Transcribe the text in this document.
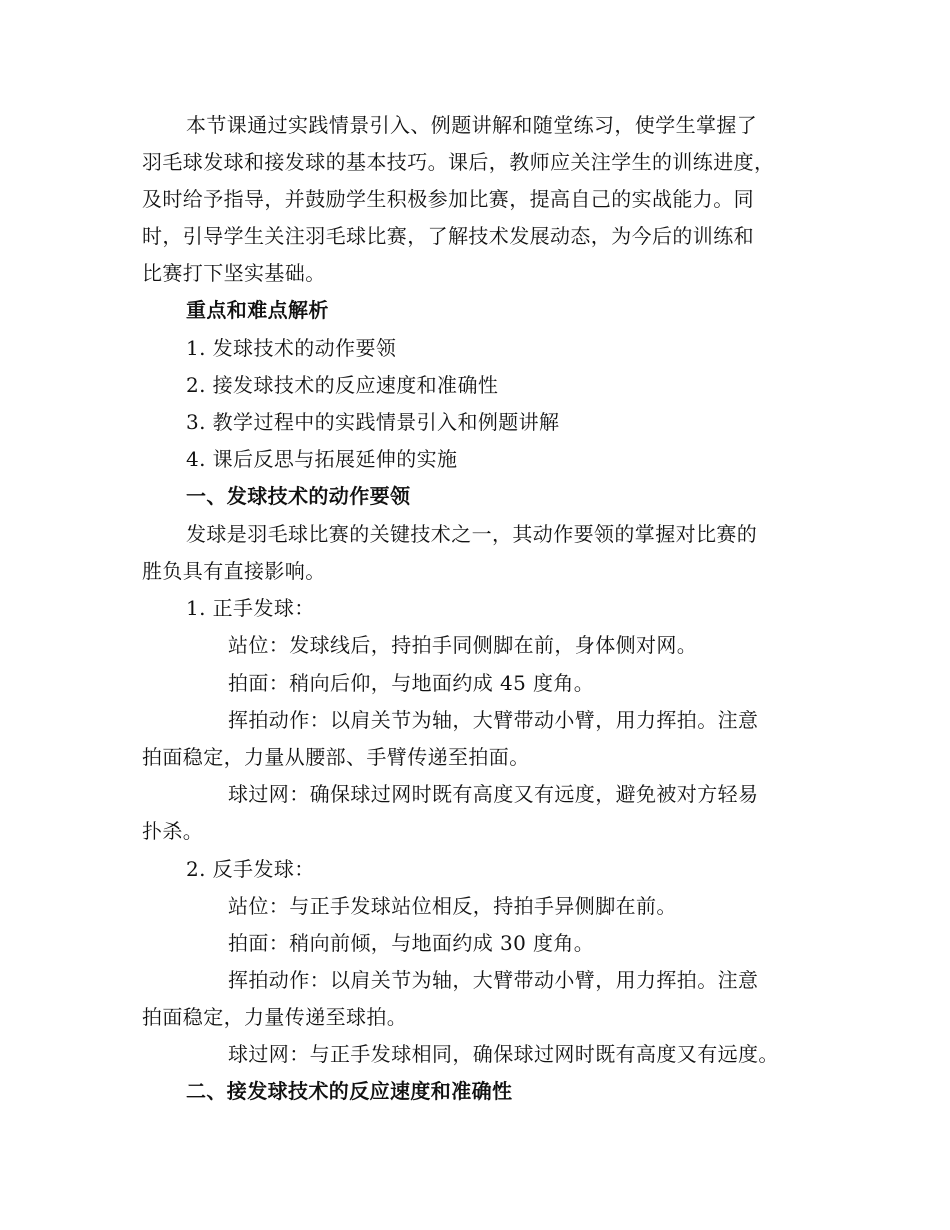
本节课通过实践情景引入、例题讲解和随堂练习，使学生掌握了
羽毛球发球和接发球的基本技巧。课后，教师应关注学生的训练进度，
及时给予指导，并鼓励学生积极参加比赛，提高自己的实战能力。同
时，引导学生关注羽毛球比赛，了解技术发展动态，为今后的训练和
比赛打下坚实基础。
重点和难点解析
1. 发球技术的动作要领
2. 接发球技术的反应速度和准确性
3. 教学过程中的实践情景引入和例题讲解
4. 课后反思与拓展延伸的实施
一、发球技术的动作要领
发球是羽毛球比赛的关键技术之一，其动作要领的掌握对比赛的
胜负具有直接影响。
1. 正手发球：
站位：发球线后，持拍手同侧脚在前，身体侧对网。
拍面：稍向后仰，与地面约成 45 度角。
挥拍动作：以肩关节为轴，大臂带动小臂，用力挥拍。注意
拍面稳定，力量从腰部、手臂传递至拍面。
球过网：确保球过网时既有高度又有远度，避免被对方轻易
扑杀。
2. 反手发球：
站位：与正手发球站位相反，持拍手异侧脚在前。
拍面：稍向前倾，与地面约成 30 度角。
挥拍动作：以肩关节为轴，大臂带动小臂，用力挥拍。注意
拍面稳定，力量传递至球拍。
球过网：与正手发球相同，确保球过网时既有高度又有远度。
二、接发球技术的反应速度和准确性
